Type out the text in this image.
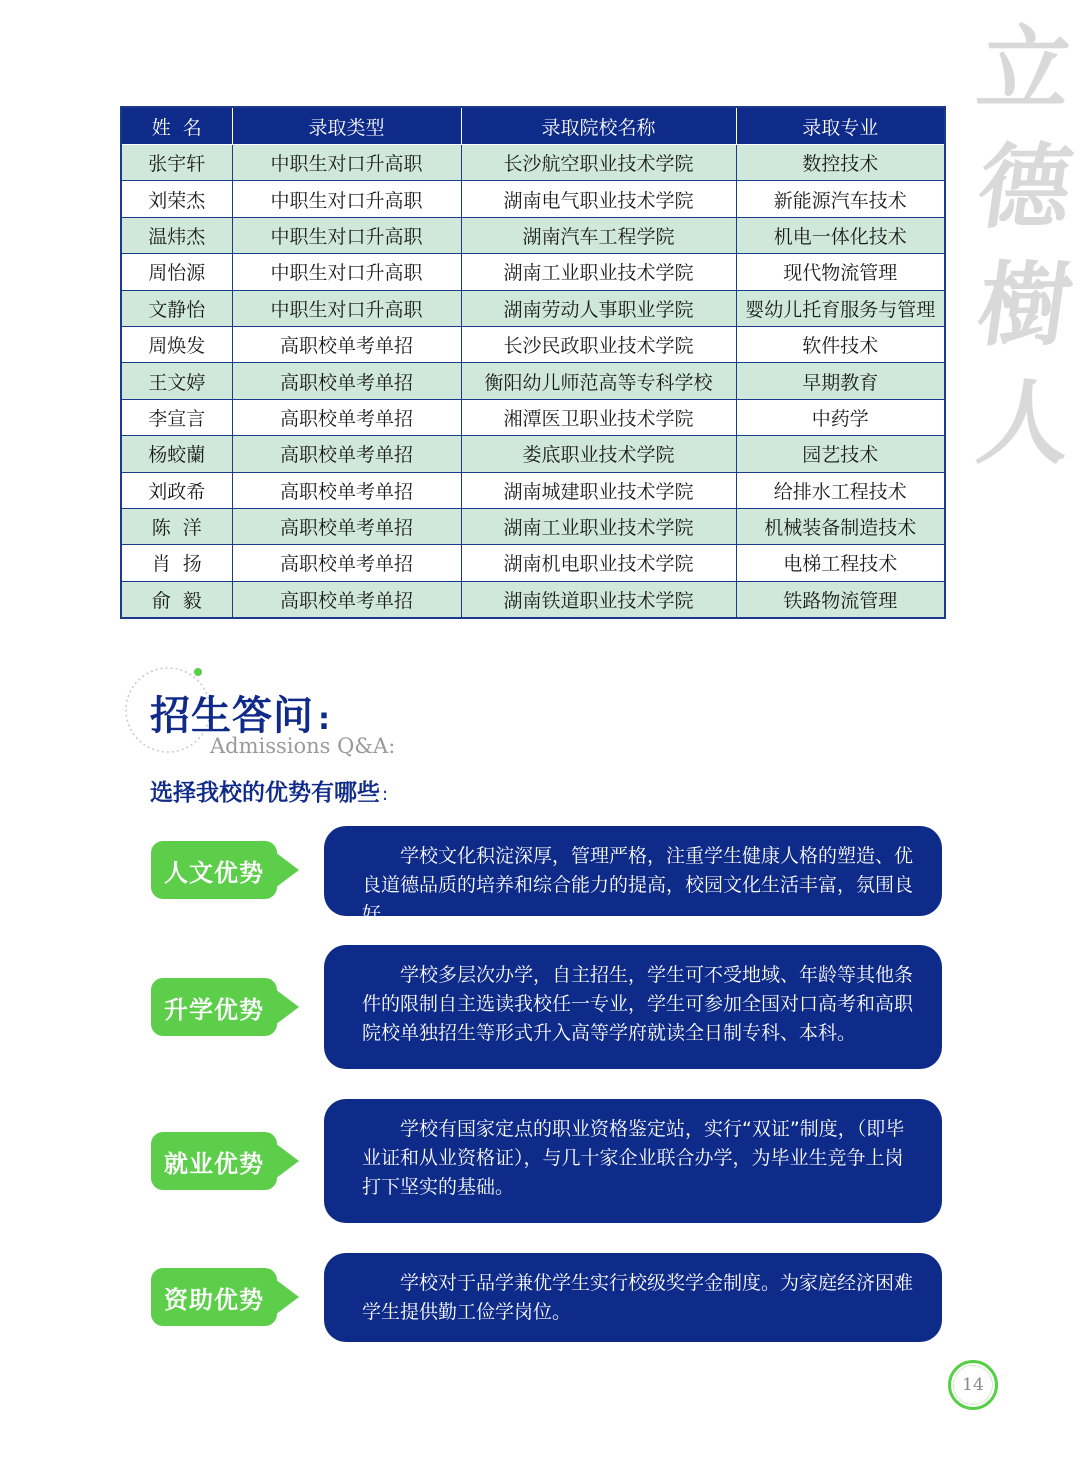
立
德
樹
人
姓  名	录取类型	录取院校名称	录取专业
张宇轩	中职生对口升高职	长沙航空职业技术学院	数控技术
刘荣杰	中职生对口升高职	湖南电气职业技术学院	新能源汽车技术
温炜杰	中职生对口升高职	湖南汽车工程学院	机电一体化技术
周怡源	中职生对口升高职	湖南工业职业技术学院	现代物流管理
文静怡	中职生对口升高职	湖南劳动人事职业学院	婴幼儿托育服务与管理
周焕发	高职校单考单招	长沙民政职业技术学院	软件技术
王文婷	高职校单考单招	衡阳幼儿师范高等专科学校	早期教育
李宣言	高职校单考单招	湘潭医卫职业技术学院	中药学
杨蛟蘭	高职校单考单招	娄底职业技术学院	园艺技术
刘政希	高职校单考单招	湖南城建职业技术学院	给排水工程技术
陈  洋	高职校单考单招	湖南工业职业技术学院	机械装备制造技术
肖  扬	高职校单考单招	湖南机电职业技术学院	电梯工程技术
俞  毅	高职校单考单招	湖南铁道职业技术学院	铁路物流管理
招生答问 :
Admissions Q&A:
选择我校的优势有哪些 :
人文优势

学校文化积淀深厚，管理严格，注重学生健康人格的塑造、优良道德品质的培养和综合能力的提高，校园文化生活丰富，氛围良好。

升学优势

学校多层次办学，自主招生，学生可不受地域、年龄等其他条件的限制自主选读我校任一专业，学生可参加全国对口高考和高职院校单独招生等形式升入高等学府就读全日制专科、本科。

就业优势

学校有国家定点的职业资格鉴定站，实行“双证”制度，（即毕业证和从业资格证），与几十家企业联合办学，为毕业生竞争上岗打下坚实的基础。

资助优势

学校对于品学兼优学生实行校级奖学金制度。为家庭经济困难学生提供勤工俭学岗位。

14
